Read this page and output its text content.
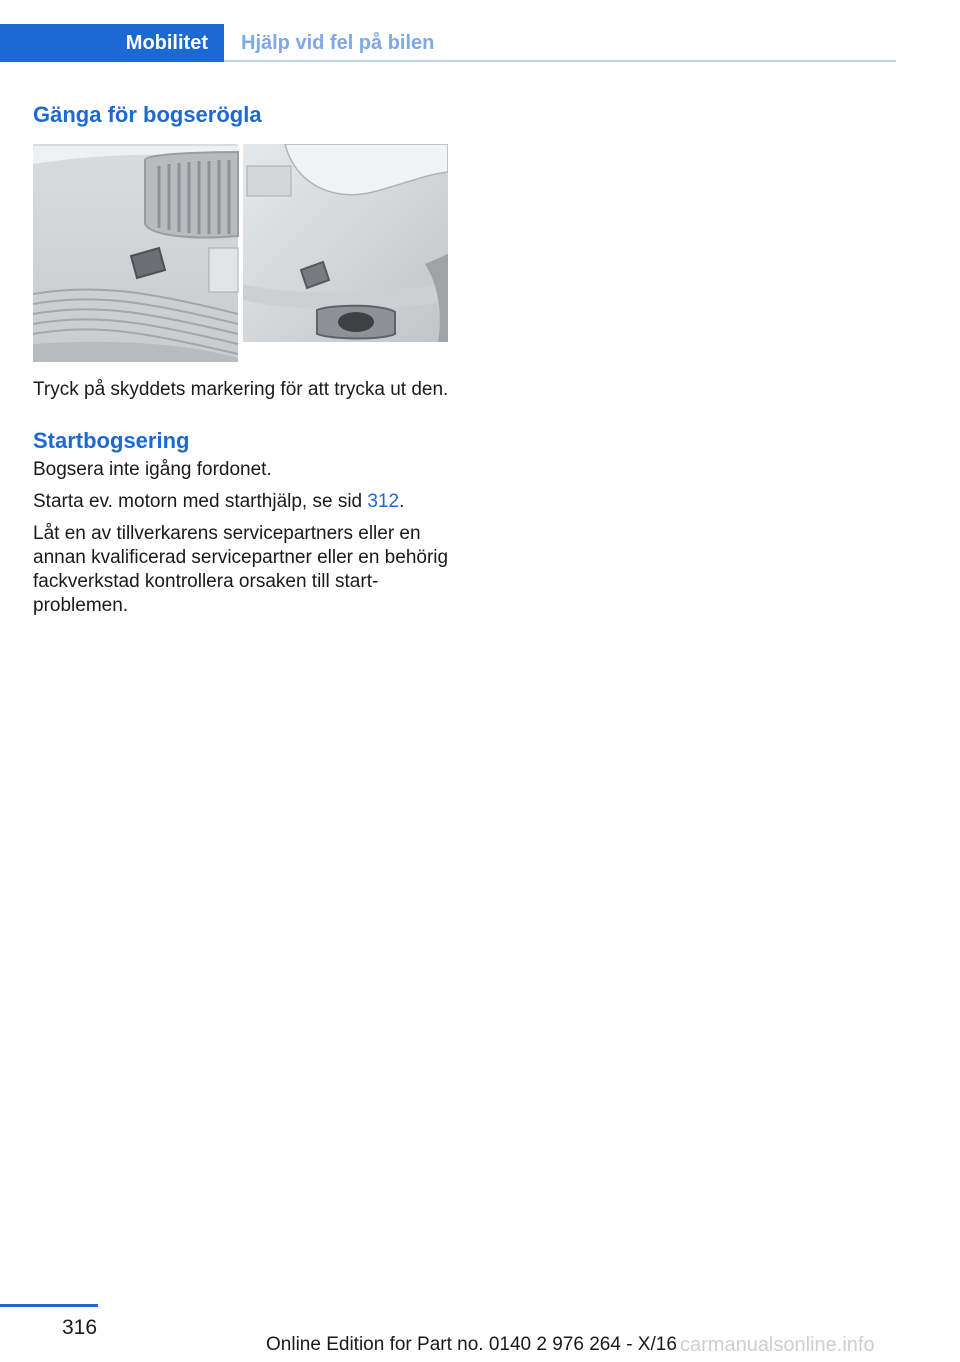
Mobilitet	Hjälp vid fel på bilen
Gänga för bogserögla

Tryck på skyddets markering för att trycka ut den.

Startbogsering

Bogsera inte igång fordonet.

Starta ev. motorn med starthjälp, se sid 312.

Låt en av tillverkarens servicepartners eller en annan kvalificerad servicepartner eller en behörig fackverkstad kontrollera orsaken till startproblemen.

316
Online Edition for Part no. 0140 2 976 264 - X/16 carmanualsonline.info
